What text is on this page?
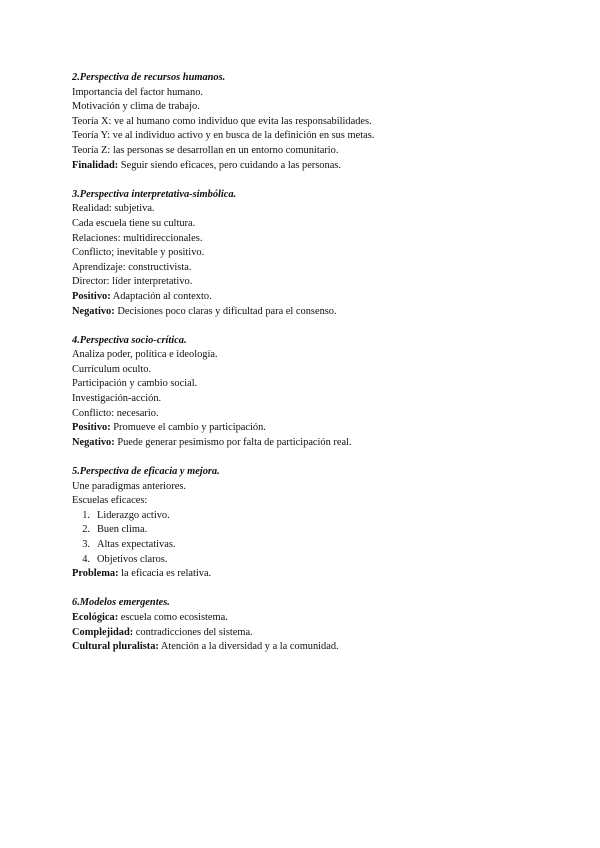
2.Perspectiva de recursos humanos.
Importancia del factor humano.
Motivación y clima de trabajo.
Teoría X: ve al humano como individuo que evita las responsabilidades.
Teoría Y: ve al individuo activo y en busca de la definición en sus metas.
Teoría Z: las personas se desarrollan en un entorno comunitario.
Finalidad: Seguir siendo eficaces, pero cuidando a las personas.
3.Perspectiva interpretativa-simbólica.
Realidad: subjetiva.
Cada escuela tiene su cultura.
Relaciones: multidireccionales.
Conflicto; inevitable y positivo.
Aprendizaje: constructivista.
Director: líder interpretativo.
Positivo: Adaptación al contexto.
Negativo: Decisiones poco claras y dificultad para el consenso.
4.Perspectiva socio-crítica.
Analiza poder, política e ideología.
Currículum oculto.
Participación y cambio social.
Investigación-acción.
Conflicto: necesario.
Positivo: Promueve el cambio y participación.
Negativo: Puede generar pesimismo por falta de participación real.
5.Perspectiva de eficacia y mejora.
Une paradigmas anteriores.
Escuelas eficaces:
1. Liderazgo activo.
2. Buen clima.
3. Altas expectativas.
4. Objetivos claros.
Problema: la eficacia es relativa.
6.Modelos emergentes.
Ecológica: escuela como ecosistema.
Complejidad: contradicciones del sistema.
Cultural pluralista: Atención a la diversidad y a la comunidad.
